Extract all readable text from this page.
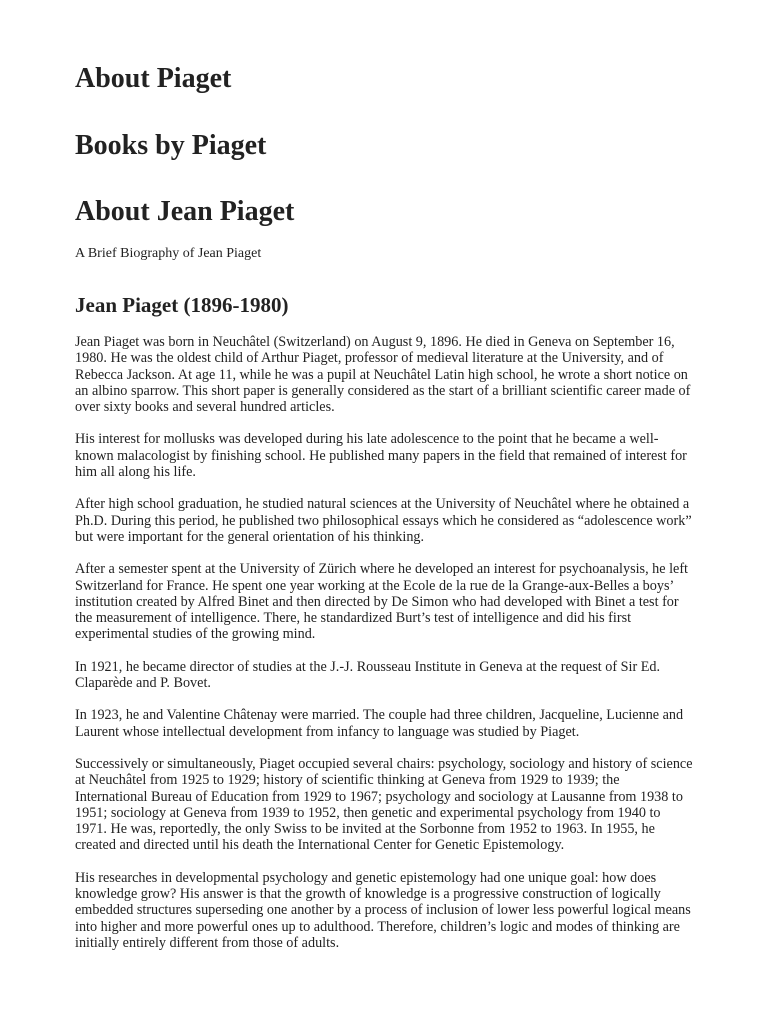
About Piaget
Books by Piaget
About Jean Piaget

A Brief Biography of Jean Piaget

Jean Piaget (1896-1980)

Jean Piaget was born in Neuchâtel (Switzerland) on August 9, 1896. He died in Geneva on September 16, 1980. He was the oldest child of Arthur Piaget, professor of medieval literature at the University, and of Rebecca Jackson. At age 11, while he was a pupil at Neuchâtel Latin high school, he wrote a short notice on an albino sparrow. This short paper is generally considered as the start of a brilliant scientific career made of over sixty books and several hundred articles.

His interest for mollusks was developed during his late adolescence to the point that he became a well-known malacologist by finishing school. He published many papers in the field that remained of interest for him all along his life.

After high school graduation, he studied natural sciences at the University of Neuchâtel where he obtained a Ph.D. During this period, he published two philosophical essays which he considered as “adolescence work” but were important for the general orientation of his thinking.

After a semester spent at the University of Zürich where he developed an interest for psychoanalysis, he left Switzerland for France. He spent one year working at the Ecole de la rue de la Grange-aux-Belles a boys’ institution created by Alfred Binet and then directed by De Simon who had developed with Binet a test for the measurement of intelligence. There, he standardized Burt’s test of intelligence and did his first experimental studies of the growing mind.

In 1921, he became director of studies at the J.-J. Rousseau Institute in Geneva at the request of Sir Ed. Claparède and P. Bovet.

In 1923, he and Valentine Châtenay were married. The couple had three children, Jacqueline, Lucienne and Laurent whose intellectual development from infancy to language was studied by Piaget.

Successively or simultaneously, Piaget occupied several chairs: psychology, sociology and history of science at Neuchâtel from 1925 to 1929; history of scientific thinking at Geneva from 1929 to 1939; the International Bureau of Education from 1929 to 1967; psychology and sociology at Lausanne from 1938 to 1951; sociology at Geneva from 1939 to 1952, then genetic and experimental psychology from 1940 to 1971. He was, reportedly, the only Swiss to be invited at the Sorbonne from 1952 to 1963. In 1955, he created and directed until his death the International Center for Genetic Epistemology.

His researches in developmental psychology and genetic epistemology had one unique goal: how does knowledge grow? His answer is that the growth of knowledge is a progressive construction of logically embedded structures superseding one another by a process of inclusion of lower less powerful logical means into higher and more powerful ones up to adulthood. Therefore, children’s logic and modes of thinking are initially entirely different from those of adults.
